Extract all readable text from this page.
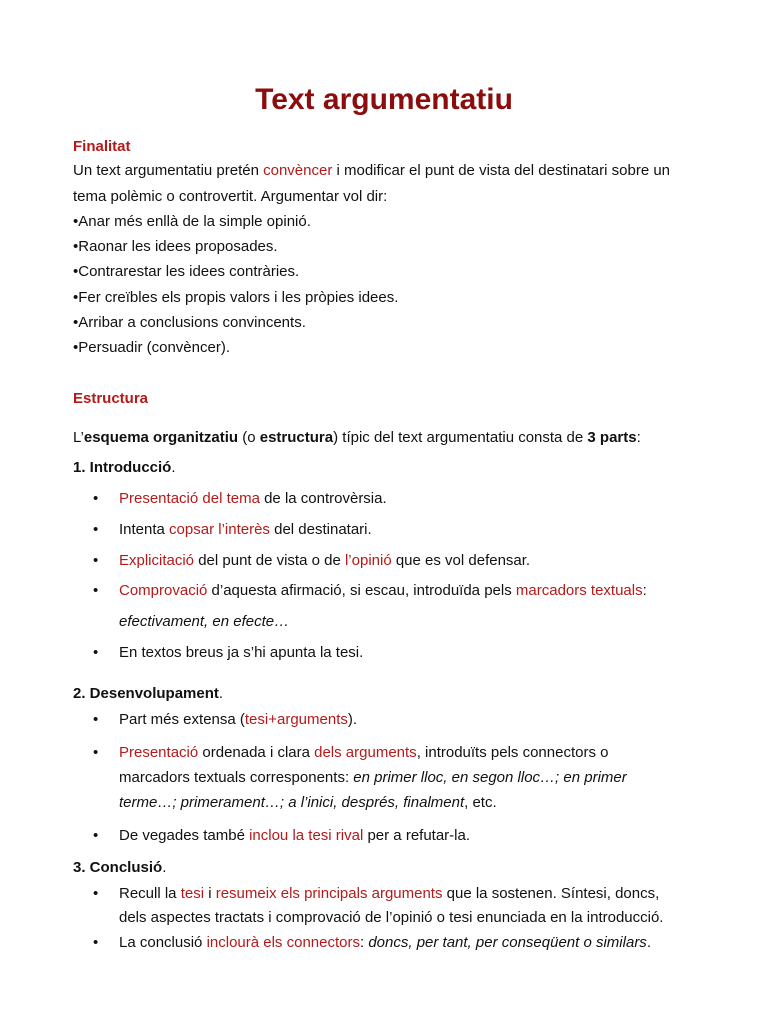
Text argumentatiu
Finalitat
Un text argumentatiu pretén convèncer i modificar el punt de vista del destinatari sobre un
tema polèmic o controvertit. Argumentar vol dir:
•Anar més enllà de la simple opinió.
•Raonar les idees proposades.
•Contrarestar les idees contràries.
•Fer creïbles els propis valors i les pròpies idees.
•Arribar a conclusions convincents.
•Persuadir (convèncer).
Estructura
L’esquema organitzatiu (o estructura) típic del text argumentatiu consta de 3 parts:
1. Introducció.
• Presentació del tema de la controvèrsia.
• Intenta copsar l’interès del destinatari.
• Explicitació del punt de vista o de l’opinió que es vol defensar.
• Comprovació d’aquesta afirmació, si escau, introduïda pels marcadors textuals:
efectivament, en efecte…
• En textos breus ja s’hi apunta la tesi.
2. Desenvolupament.
• Part més extensa (tesi+arguments).
• Presentació ordenada i clara dels arguments, introduïts pels connectors o
marcadors textuals corresponents: en primer lloc, en segon lloc…; en primer
terme…; primerament…; a l’inici, després, finalment, etc.
• De vegades també inclou la tesi rival per a refutar-la.
3. Conclusió.
• Recull la tesi i resumeix els principals arguments que la sostenen. Síntesi, doncs,
dels aspectes tractats i comprovació de l’opinió o tesi enunciada en la introducció.
• La conclusió inclourà els connectors: doncs, per tant, per conseqüent o similars.
